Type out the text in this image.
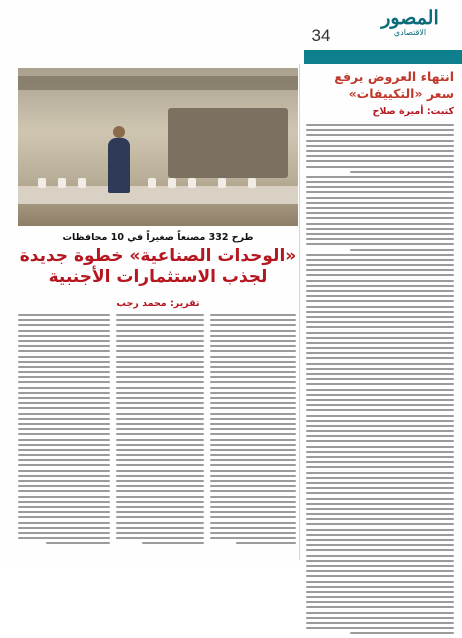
المصور
الاقتصادي
34
انتهاء العروض يرفع سعر «التكييفات»
كتبت: أميرة صلاح
طرح 332 مصنعاً صغيراً في 10 محافظات
«الوحدات الصناعية» خطوة جديدة لجذب الاستثمارات الأجنبية
تقرير: محمد رجب
